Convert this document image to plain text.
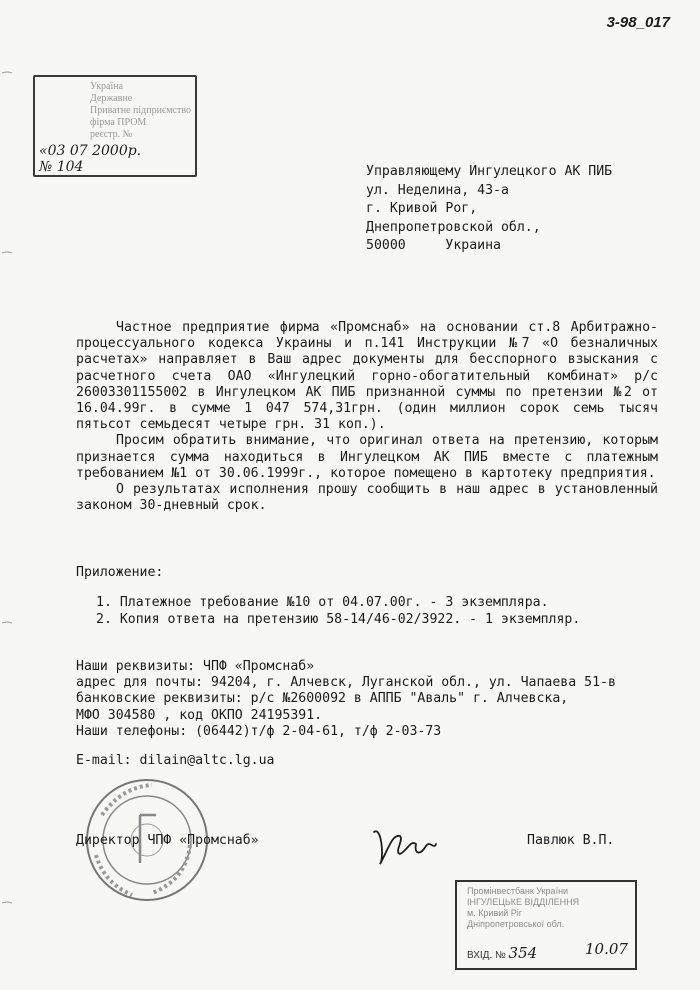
3-98_017
Україна
Державне
Приватне підприємство
фірма ПРОМ
реєстр. №
«03 07 2000р.
№ 104	Управляющему Ингулецкого АК ПИБ
ул. Неделина, 43-а
г. Кривой Рог,
Днепропетровской обл.,
50000     Украина

Частное предприятие фирма «Промснаб» на основании ст.8 Арбитражно-процессуального кодекса Украины и п.141 Инструкции №7 «О безналичных расчетах» направляет в Ваш адрес документы для бесспорного взыскания с расчетного счета ОАО «Ингулецкий горно-обогатительный комбинат» р/с 26003301155002 в Ингулецком АК ПИБ признанной суммы по претензии №2 от 16.04.99г. в сумме 1 047 574,31грн. (один миллион сорок семь тысяч пятьсот семьдесят четыре грн. 31 коп.).

Просим обратить внимание, что оригинал ответа на претензию, которым признается сумма находиться в Ингулецком АК ПИБ вместе с платежным требованием №1 от 30.06.1999г., которое помещено в картотеку предприятия.

О результатах исполнения прошу сообщить в наш адрес в установленный законом 30-дневный срок.

Приложение:
1. Платежное требование №10 от 04.07.00г. - 3 экземпляра.
2. Копия ответа на претензию 58-14/46-02/3922. - 1 экземпляр.
Наши реквизиты: ЧПФ «Промснаб»
адрес для почты: 94204, г. Алчевск, Луганской обл., ул. Чапаева 51-в
банковские реквизиты: р/с №2600092 в АППБ "Аваль" г. Алчевска,
МФО 304580 , код ОКПО 24195391.
Наши телефоны: (06442)т/ф 2-04-61, т/ф 2-03-73
E-mail: dilain@altc.lg.ua
Директор ЧПФ «Промснаб»	Павлюк В.П.
Промінвестбанк України
ІНГУЛЕЦЬКЕ ВІДДІЛЕННЯ
м. Кривий Ріг
Дніпропетровської обл.
ВХІД. № 354	10.07
